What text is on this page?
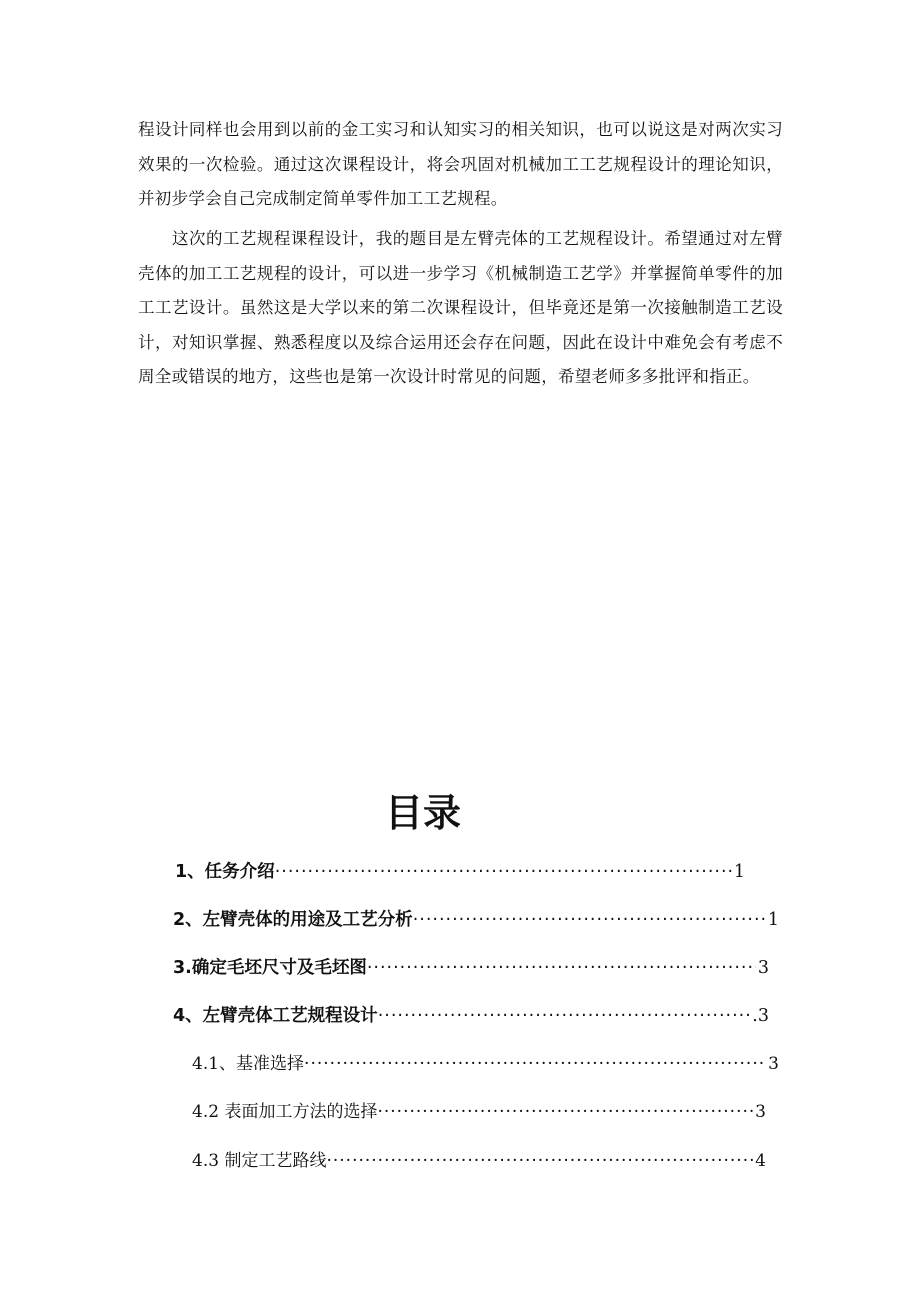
程设计同样也会用到以前的金工实习和认知实习的相关知识，也可以说这是对两次实习效果的一次检验。通过这次课程设计，将会巩固对机械加工工艺规程设计的理论知识，并初步学会自己完成制定简单零件加工工艺规程。

这次的工艺规程课程设计，我的题目是左臂壳体的工艺规程设计。希望通过对左臂壳体的加工工艺规程的设计，可以进一步学习《机械制造工艺学》并掌握简单零件的加工工艺设计。虽然这是大学以来的第二次课程设计，但毕竟还是第一次接触制造工艺设计，对知识掌握、熟悉程度以及综合运用还会存在问题，因此在设计中难免会有考虑不周全或错误的地方，这些也是第一次设计时常见的问题，希望老师多多批评和指正。

目录
1、任务介绍 ·····	1
2、左臂壳体的用途及工艺分析 ·····	1
3.确定毛坯尺寸及毛坯图 ·····	3
4、左臂壳体工艺规程设计 ·····	.3
4.1、基准选择 ·····	3
4.2 表面加工方法的选择 ·····	3
4.3 制定工艺路线 ·····	4
